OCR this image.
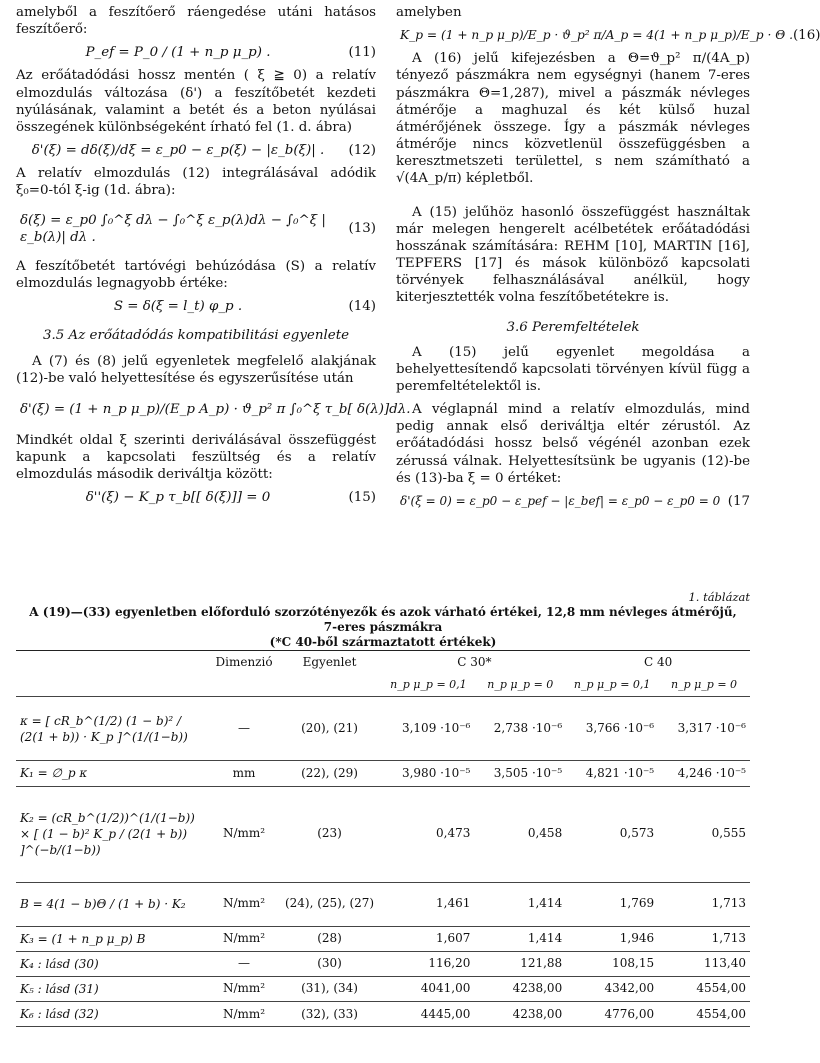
amelyből a feszítőerő ráengedése utáni hatásos feszítőerő:

P_ef = P_0 / (1 + n_p μ_p) .	(11)

Az erőátadódási hossz mentén ( ξ ≧ 0) a relatív elmozdulás változása (δ') a feszítőbetét kezdeti nyúlásának, valamint a betét és a beton nyúlásai összegének különbségeként írható fel (1. d. ábra)

δ'(ξ) = dδ(ξ)/dξ = ε_p0 − ε_p(ξ) − |ε_b(ξ)| .	(12)

A relatív elmozdulás (12) integrálásával adódik ξ₀=0-tól ξ-ig (1d. ábra):

δ(ξ) = ε_p0 ∫₀^ξ dλ − ∫₀^ξ ε_p(λ)dλ − ∫₀^ξ |ε_b(λ)| dλ .
(13)

A feszítőbetét tartóvégi behúzódása (S) a relatív elmozdulás legnagyobb értéke:

S = δ(ξ = l_t) φ_p .	(14)
3.5 Az erőátadódás kompatibilitási egyenlete

A (7) és (8) jelű egyenletek megfelelő alakjának (12)-be való helyettesítése és egyszerűsítése után

δ'(ξ) = (1 + n_p μ_p)/(E_p A_p) · ϑ_p² π ∫₀^ξ τ_b[ δ(λ)]dλ.

Mindkét oldal ξ szerinti deriválásával összefüggést kapunk a kapcsolati feszültség és a relatív elmozdulás második deriváltja között:

δ''(ξ) − K_p τ_b[[ δ(ξ)]] = 0	(15)

amelyben

K_p = (1 + n_p μ_p)/E_p · ϑ_p² π/A_p = 4(1 + n_p μ_p)/E_p · Θ . (16)

A (16) jelű kifejezésben a Θ=ϑ_p² π/(4A_p) tényező pászmákra nem egységnyi (hanem 7-eres pászmákra Θ=1,287), mivel a pászmák névleges átmérője a maghuzal és két külső huzal átmérőjének összege. Így a pászmák névleges átmérője nincs közvetlenül összefüggésben a keresztmetszeti területtel, s nem számítható a √(4A_p/π) képletből.

A (15) jelűhöz hasonló összefüggést használtak már melegen hengerelt acélbetétek erőátadódási hosszának számítására: REHM [10], MARTIN [16], TEPFERS [17] és mások különböző kapcsolati törvények felhasználásával anélkül, hogy kiterjesztették volna feszítőbetétekre is.

3.6 Peremfeltételek

A (15) jelű egyenlet megoldása a behelyettesítendő kapcsolati törvényen kívül függ a peremfeltételektől is.

A véglapnál mind a relatív elmozdulás, mind pedig annak első deriváltja eltér zérustól. Az erőátadódási hossz belső végénél azonban ezek zérussá válnak. Helyettesítsünk be ugyanis (12)-be és (13)-ba ξ = 0 értéket:

δ'(ξ = 0) = ε_p0 − ε_pef − |ε_bef| = ε_p0 − ε_p0 = 0 (17
1. táblázat
A (19)—(33) egyenletben előforduló szorzótényezők és azok várható értékei, 12,8 mm névleges átmérőjű,
7-eres pászmákra
(*C 40-ből származtatott értékek)
	Dimenzió	Egyenlet	C 30*		C 40	
			n_p μ_p = 0,1	n_p μ_p = 0	n_p μ_p = 0,1	n_p μ_p = 0
κ = [ cR_b^(1/2) (1 − b)² / (2(1 + b)) · K_p ]^(1/(1−b))	—	(20), (21)	3,109 ·10⁻⁶	2,738 ·10⁻⁶	3,766 ·10⁻⁶	3,317 ·10⁻⁶
K₁ = ∅_p κ	mm	(22), (29)	3,980 ·10⁻⁵	3,505 ·10⁻⁵	4,821 ·10⁻⁵	4,246 ·10⁻⁵
K₂ = (cR_b^(1/2))^(1/(1−b)) × [ (1 − b)² K_p / (2(1 + b)) ]^(−b/(1−b))	N/mm²	(23)	0,473	0,458	0,573	0,555
B = 4(1 − b)Θ / (1 + b) · K₂	N/mm²	(24), (25), (27)	1,461	1,414	1,769	1,713
K₃ = (1 + n_p μ_p) B	N/mm²	(28)	1,607	1,414	1,946	1,713
K₄ : lásd (30)	—	(30)	116,20	121,88	108,15	113,40
K₅ : lásd (31)	N/mm²	(31), (34)	4041,00	4238,00	4342,00	4554,00
K₆ : lásd (32)	N/mm²	(32), (33)	4445,00	4238,00	4776,00	4554,00
